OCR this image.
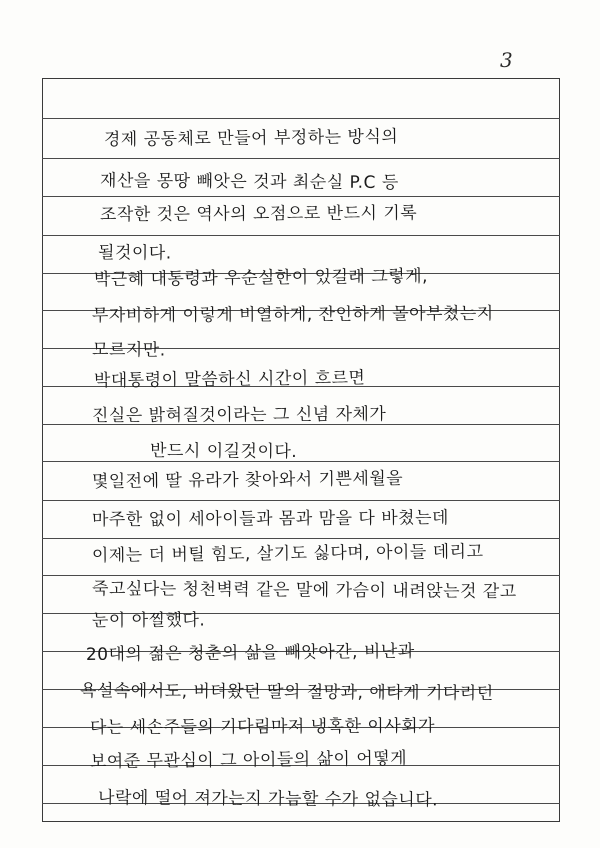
3
경제 공동체로 만들어 부정하는 방식의
재산을 몽땅 빼앗은 것과 최순실 P.C 등
조작한 것은 역사의 오점으로 반드시 기록
될것이다.
박근혜 대통령과 우순실한이 있길래 그렇게,
무자비하게 이렇게 비열하게, 잔인하게 몰아부쳤는지
모르지만.
박대통령이 말씀하신 시간이 흐르면
진실은 밝혀질것이라는 그 신념 자체가
반드시 이길것이다.
몇일전에 딸 유라가 찾아와서 기쁜세월을
마주한 없이 세아이들과 몸과 맘을 다 바쳤는데
이제는 더 버틸 힘도, 살기도 싫다며, 아이들 데리고
죽고싶다는 청천벽력 같은 말에 가슴이 내려앉는것 같고
눈이 아찔했다.
20대의 젊은 청춘의 삶을 빼앗아간, 비난과
욕설속에서도, 버텨왔던 딸의 절망과, 애타게 기다리던
다는 세손주들의 기다림마저 냉혹한 이사회가
보여준 무관심이 그 아이들의 삶이 어떻게
나락에 떨어 져가는지 가늠할 수가 없습니다.
